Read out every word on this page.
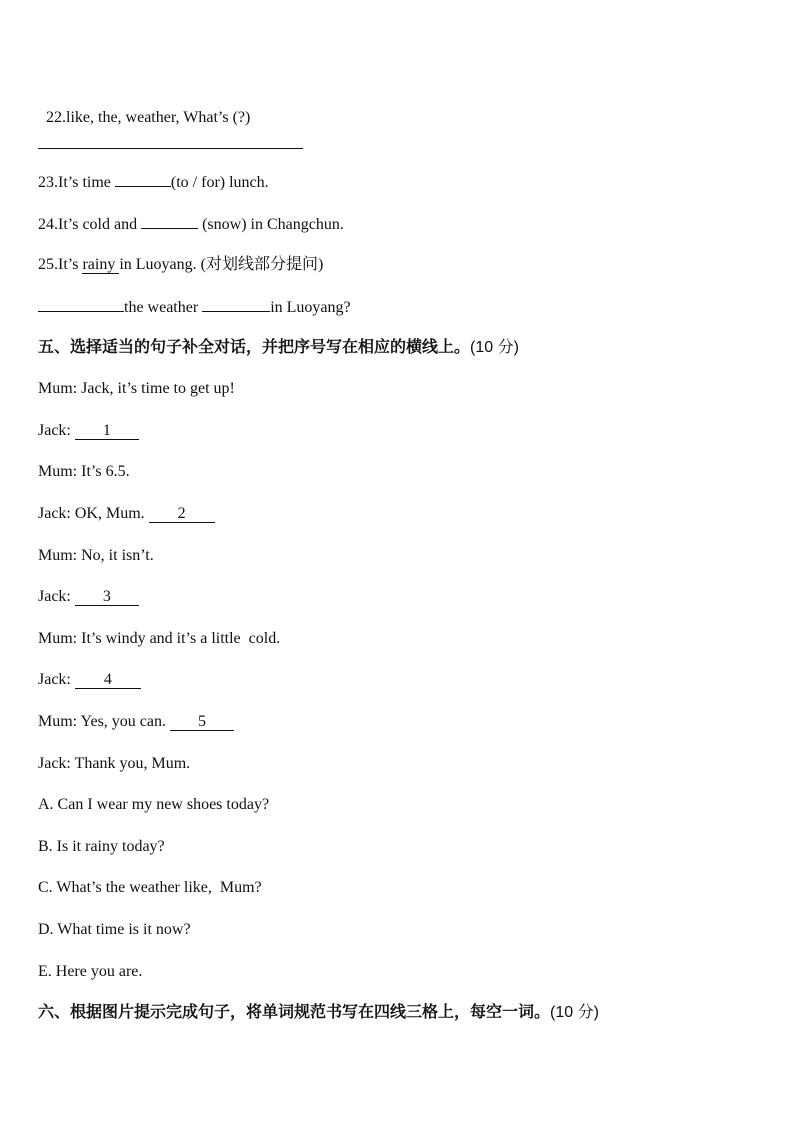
22.like, the, weather, What’s (?)

23.It’s time	(to / for) lunch.
24.It’s cold and	(snow) in Changchun.
25.It’s rainy in Luoyang. (对划线部分提问)
the weather	in Luoyang?
五、选择适当的句子补全对话，并把序号写在相应的横线上。(10 分)
Mum: Jack, it’s time to get up!
Jack: 1
Mum: It’s 6.5.
Jack: OK, Mum. 2
Mum: No, it isn’t.
Jack: 3
Mum: It’s windy and it’s a little  cold.
Jack: 4
Mum: Yes, you can. 5
Jack: Thank you, Mum.
A. Can I wear my new shoes today?
B. Is it rainy today?
C. What’s the weather like,  Mum?
D. What time is it now?
E. Here you are.
六、根据图片提示完成句子，将单词规范书写在四线三格上，每空一词。(10 分)
